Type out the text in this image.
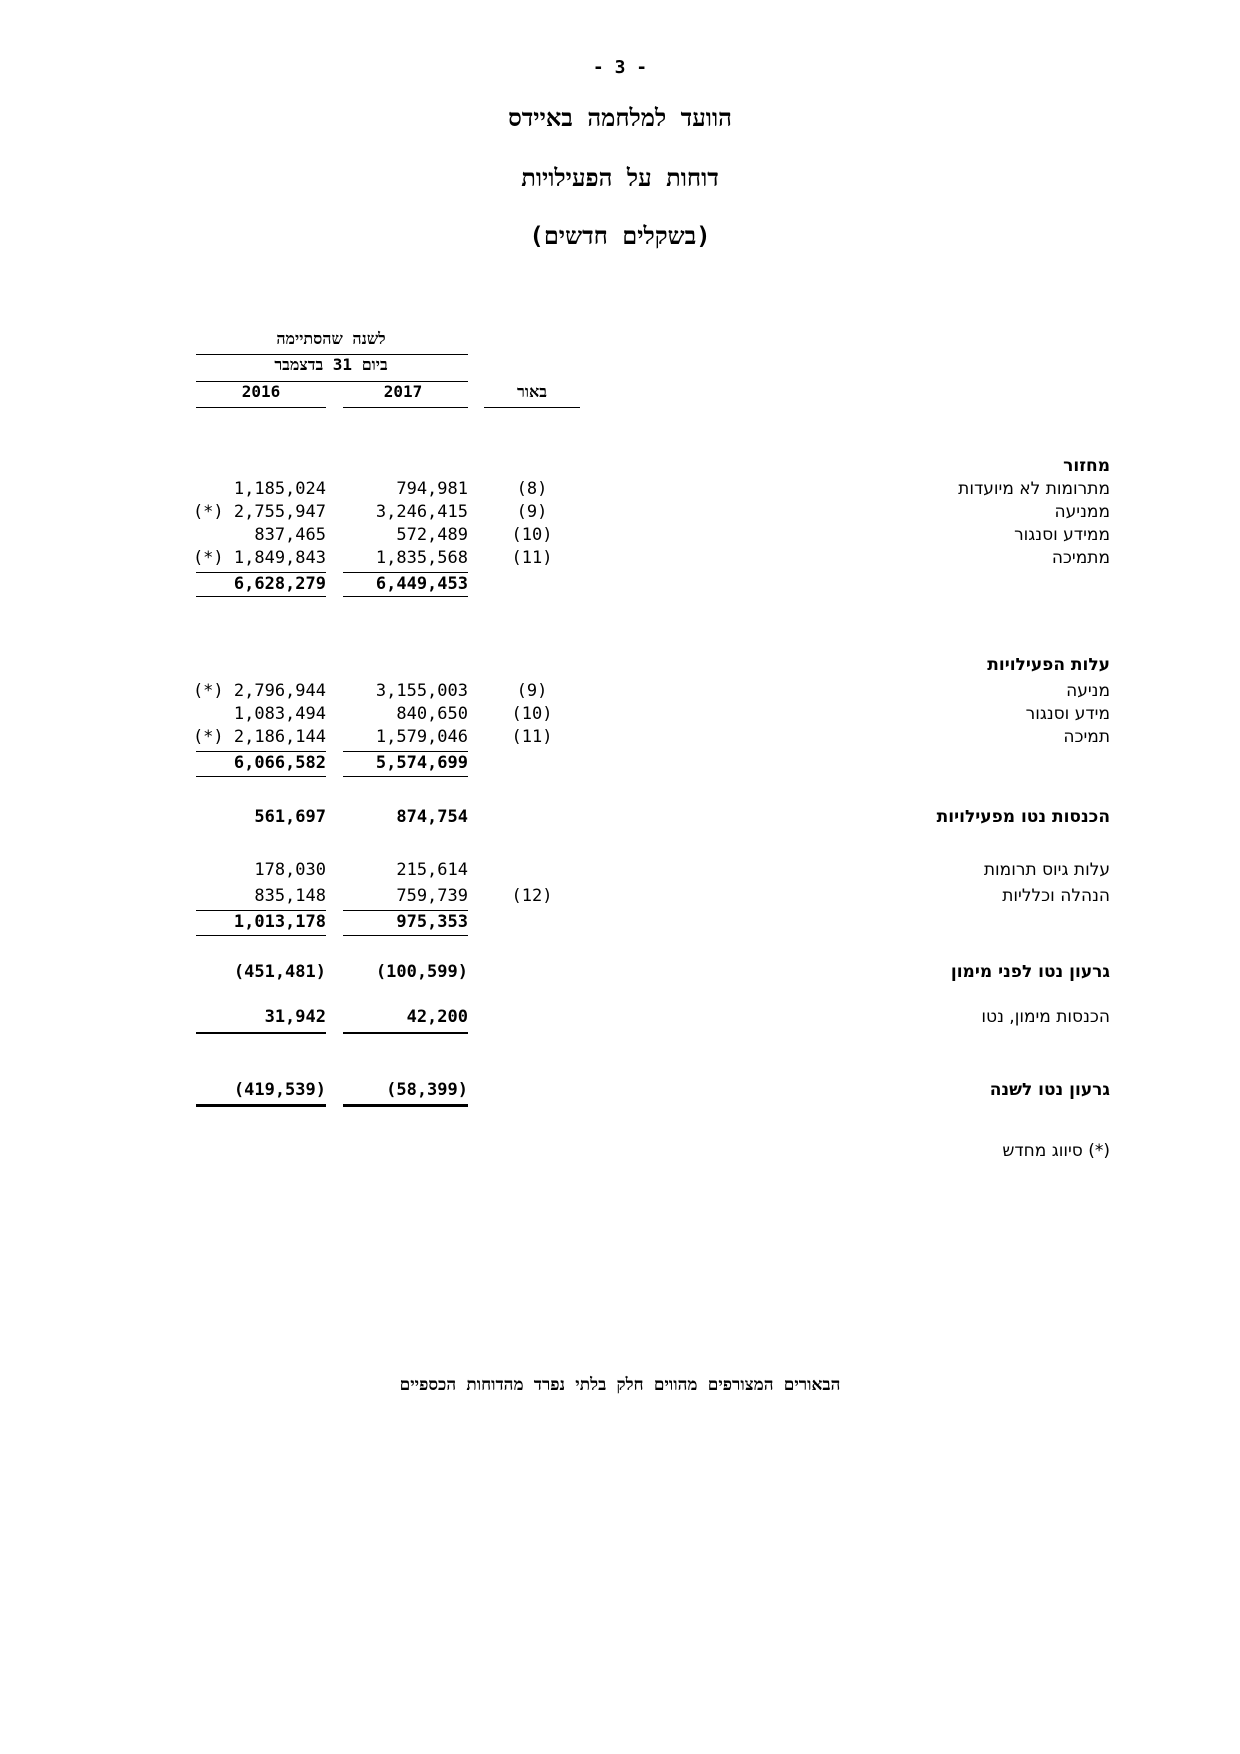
- 3 -
הוועד למלחמה באיידס
דוחות על הפעילויות
(בשקלים חדשים)
לשנה שהסתיימה
ביום 31 בדצמבר
2016	2017	באור
מחזור
מתרומות לא מיועדות
(8)
794,981
1,185,024
ממניעה
(9)
3,246,415
(*) 2,755,947
ממידע וסנגור
(10)
572,489
837,465
מתמיכה
(11)
1,835,568
(*) 1,849,843
6,449,453
6,628,279
עלות הפעילויות
מניעה
(9)
3,155,003
(*) 2,796,944
מידע וסנגור
(10)
840,650
1,083,494
תמיכה
(11)
1,579,046
(*) 2,186,144
5,574,699
6,066,582
הכנסות נטו מפעילויות
874,754
561,697
עלות גיוס תרומות
215,614
178,030
הנהלה וכלליות
(12)
759,739
835,148
975,353
1,013,178
גרעון נטו לפני מימון
(100,599)
(451,481)
הכנסות מימון, נטו
42,200
31,942
גרעון נטו לשנה
(58,399)
(419,539)
(*) סיווג מחדש
הבאורים המצורפים מהווים חלק בלתי נפרד מהדוחות הכספיים
